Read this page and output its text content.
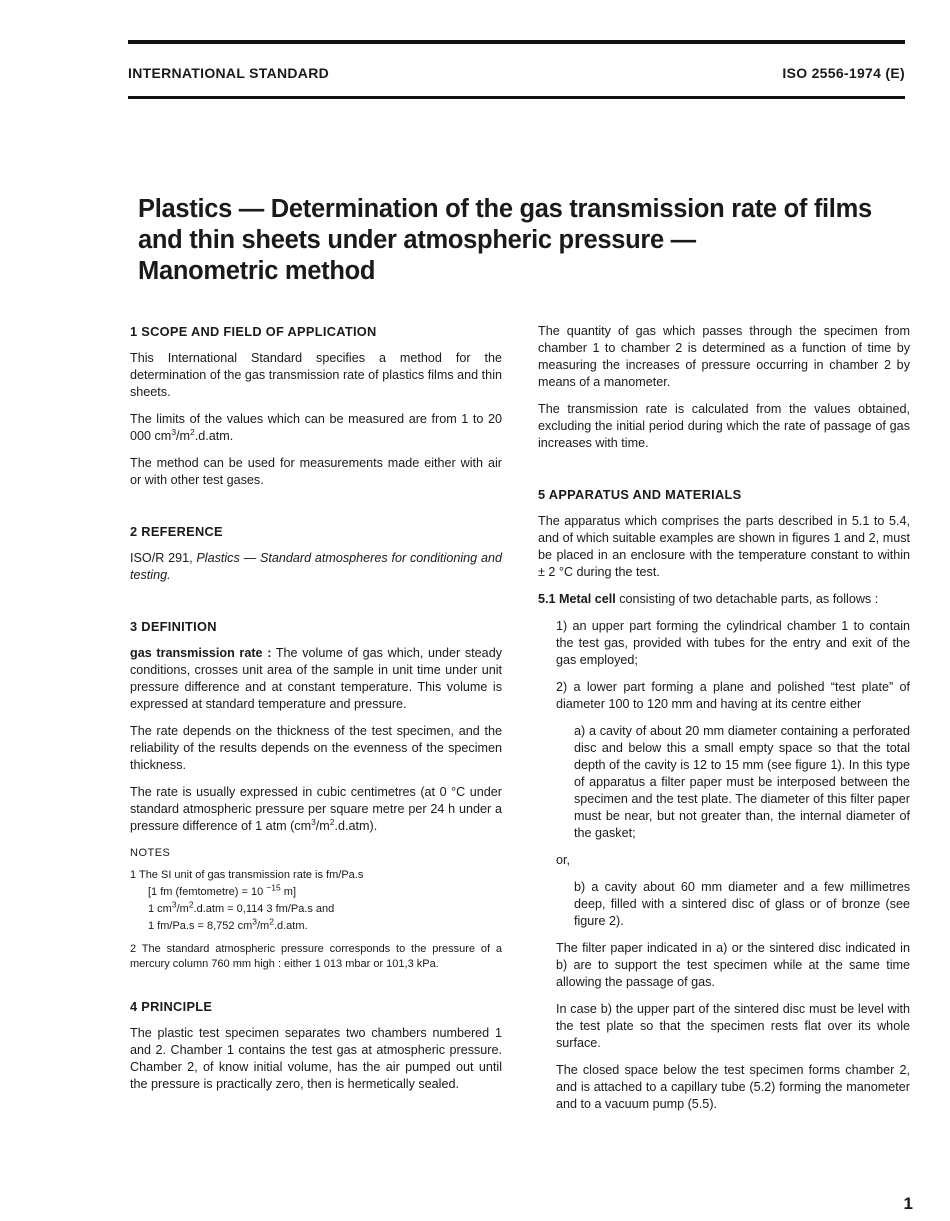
INTERNATIONAL STANDARD	ISO 2556-1974 (E)
Plastics — Determination of the gas transmission rate of films
and thin sheets under atmospheric pressure —
Manometric method
1 SCOPE AND FIELD OF APPLICATION

This International Standard specifies a method for the determination of the gas transmission rate of plastics films and thin sheets.

The limits of the values which can be measured are from 1 to 20 000 $cm^3/m^2.d.atm$.

The method can be used for measurements made either with air or with other test gases.

2 REFERENCE

ISO/R 291, Plastics — Standard atmospheres for conditioning and testing.

3 DEFINITION

gas transmission rate : The volume of gas which, under steady conditions, crosses unit area of the sample in unit time under unit pressure difference and at constant temperature. This volume is expressed at standard temperature and pressure.

The rate depends on the thickness of the test specimen, and the reliability of the results depends on the evenness of the specimen thickness.

The rate is usually expressed in cubic centimetres (at 0 °C under standard atmospheric pressure per square metre per 24 h under a pressure difference of 1 atm $(cm^3/m^2.d.atm)$.

NOTES
1 The SI unit of gas transmission rate is fm/Pa.s
[1 fm (femtometre) = 10 $^{-15}$ m]
1 $cm^3/m^2.d.atm = 0,114$ 3 fm/Pa.s and
1 fm/Pa.s = 8,752 $cm^3/m^2.d.atm$.
2 The standard atmospheric pressure corresponds to the pressure of a mercury column 760 mm high : either 1 013 mbar or 101,3 kPa.
4 PRINCIPLE

The plastic test specimen separates two chambers numbered 1 and 2. Chamber 1 contains the test gas at atmospheric pressure. Chamber 2, of know initial volume, has the air pumped out until the pressure is practically zero, then is hermetically sealed.

The quantity of gas which passes through the specimen from chamber 1 to chamber 2 is determined as a function of time by measuring the increases of pressure occurring in chamber 2 by means of a manometer.

The transmission rate is calculated from the values obtained, excluding the initial period during which the rate of passage of gas increases with time.

5 APPARATUS AND MATERIALS

The apparatus which comprises the parts described in 5.1 to 5.4, and of which suitable examples are shown in figures 1 and 2, must be placed in an enclosure with the temperature constant to within ± 2 °C during the test.

5.1 Metal cell consisting of two detachable parts, as follows :

1) an upper part forming the cylindrical chamber 1 to contain the test gas, provided with tubes for the entry and exit of the gas employed;

2) a lower part forming a plane and polished “test plate” of diameter 100 to 120 mm and having at its centre either

a) a cavity of about 20 mm diameter containing a perforated disc and below this a small empty space so that the total depth of the cavity is 12 to 15 mm (see figure 1). In this type of apparatus a filter paper must be interposed between the specimen and the test plate. The diameter of this filter paper must be near, but not greater than, the internal diameter of the gasket;

or,

b) a cavity about 60 mm diameter and a few millimetres deep, filled with a sintered disc of glass or of bronze (see figure 2).

The filter paper indicated in a) or the sintered disc indicated in b) are to support the test specimen while at the same time allowing the passage of gas.

In case b) the upper part of the sintered disc must be level with the test plate so that the specimen rests flat over its whole surface.

The closed space below the test specimen forms chamber 2, and is attached to a capillary tube (5.2) forming the manometer and to a vacuum pump (5.5).

1
